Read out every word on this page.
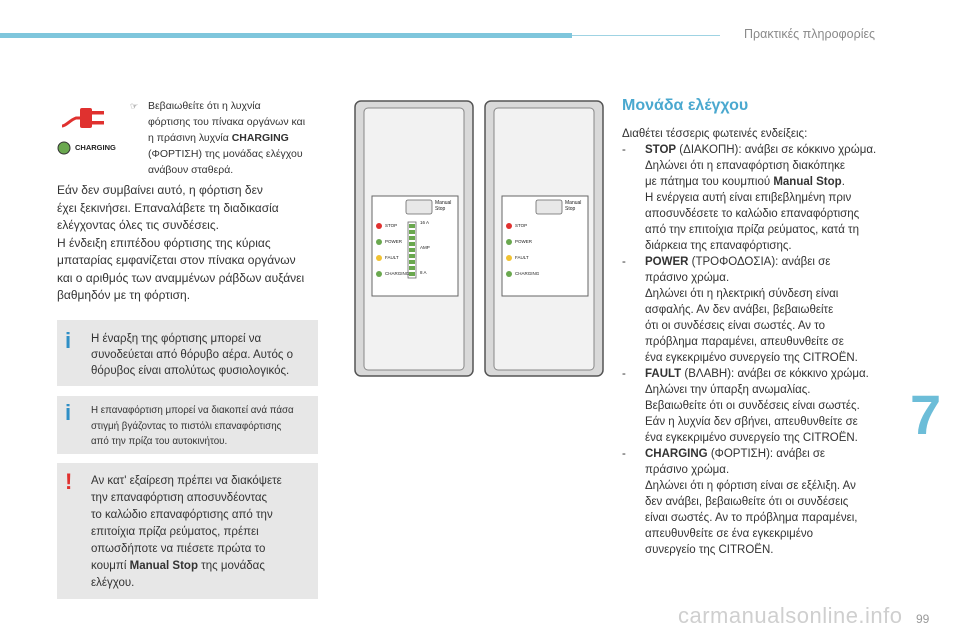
Πρακτικές πληροφορίες
CHARGING
☞ Βεβαιωθείτε ότι η λυχνία
φόρτισης του πίνακα οργάνων και
η πράσινη λυχνία CHARGING
(ΦΟΡΤΙΣΗ) της μονάδας ελέγχου
ανάβουν σταθερά.
Εάν δεν συμβαίνει αυτό, η φόρτιση δεν
έχει ξεκινήσει. Επαναλάβετε τη διαδικασία
ελέγχοντας όλες τις συνδέσεις.
Η ένδειξη επιπέδου φόρτισης της κύριας
μπαταρίας εμφανίζεται στον πίνακα οργάνων
και ο αριθμός των αναμμένων ράβδων αυξάνει
βαθμηδόν με τη φόρτιση.
i Η έναρξη της φόρτισης μπορεί να
συνοδεύεται από θόρυβο αέρα. Αυτός ο
θόρυβος είναι απολύτως φυσιολογικός.
i Η επαναφόρτιση μπορεί να διακοπεί ανά πάσα
στιγμή βγάζοντας το πιστόλι επαναφόρτισης
από την πρίζα του αυτοκινήτου.
! Αν κατ' εξαίρεση πρέπει να διακόψετε
την επαναφόρτιση αποσυνδέοντας
το καλώδιο επαναφόρτισης από την
επιτοίχια πρίζα ρεύματος, πρέπει
οπωσδήποτε να πιέσετε πρώτα το
κουμπί Manual Stop της μονάδας
ελέγχου.
Manual
Stop
Manual
Stop
STOP
POWER
FAULT
CHARGING
STOP
POWER
FAULT
CHARGING
16 A
AMP
8 A
Μονάδα ελέγχου
Διαθέτει τέσσερις φωτεινές ενδείξεις:
- STOP (ΔΙΑΚΟΠΗ): ανάβει σε κόκκινο χρώμα.
Δηλώνει ότι η επαναφόρτιση διακόπηκε
με πάτημα του κουμπιού Manual Stop.
Η ενέργεια αυτή είναι επιβεβλημένη πριν
αποσυνδέσετε το καλώδιο επαναφόρτισης
από την επιτοίχια πρίζα ρεύματος, κατά τη
διάρκεια της επαναφόρτισης.
- POWER (ΤΡΟΦΟΔΟΣΙΑ): ανάβει σε
πράσινο χρώμα.
Δηλώνει ότι η ηλεκτρική σύνδεση είναι
ασφαλής. Αν δεν ανάβει, βεβαιωθείτε
ότι οι συνδέσεις είναι σωστές. Αν το
πρόβλημα παραμένει, απευθυνθείτε σε
ένα εγκεκριμένο συνεργείο της CITROËN.
- FAULT (ΒΛΑΒΗ): ανάβει σε κόκκινο χρώμα.
Δηλώνει την ύπαρξη ανωμαλίας.
Βεβαιωθείτε ότι οι συνδέσεις είναι σωστές.
Εάν η λυχνία δεν σβήνει, απευθυνθείτε σε
ένα εγκεκριμένο συνεργείο της CITROËN.
- CHARGING (ΦΟΡΤΙΣΗ): ανάβει σε
πράσινο χρώμα.
Δηλώνει ότι η φόρτιση είναι σε εξέλιξη. Αν
δεν ανάβει, βεβαιωθείτε ότι οι συνδέσεις
είναι σωστές. Αν το πρόβλημα παραμένει,
απευθυνθείτε σε ένα εγκεκριμένο
συνεργείο της CITROËN.
7
99
carmanualsonline.info
